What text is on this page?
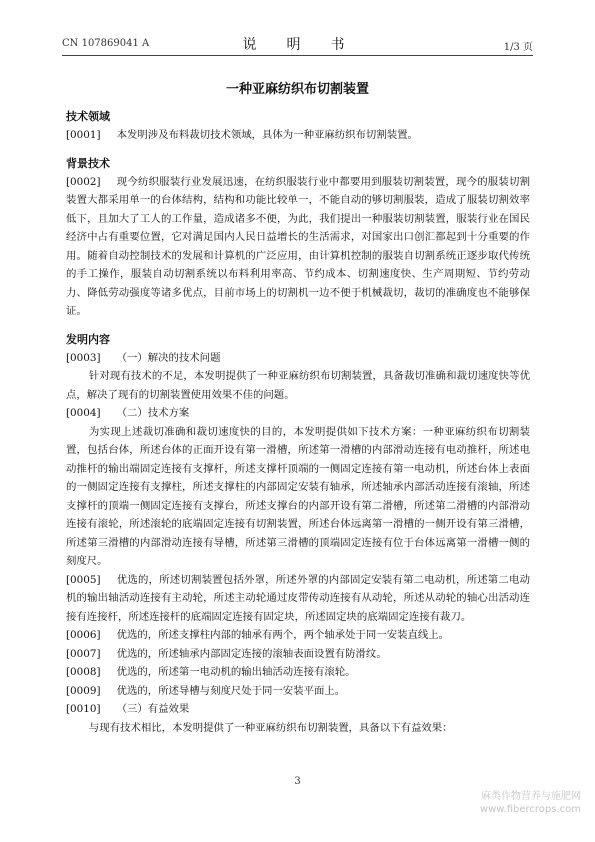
CN 107869041 A	说　明　书	1/3 页
一种亚麻纺织布切割装置
技术领域
[0001] 本发明涉及布料裁切技术领域，具体为一种亚麻纺织布切割装置。
背景技术
[0002] 现今纺织服装行业发展迅速，在纺织服装行业中都要用到服装切割装置，现今的服装切割装置大都采用单一的台体结构，结构和功能比较单一，不能自动的够切割服装，造成了服装切割效率低下，且加大了工人的工作量，造成诸多不便，为此，我们提出一种服装切割装置，服装行业在国民经济中占有重要位置，它对满足国内人民日益增长的生活需求，对国家出口创汇都起到十分重要的作用。随着自动控制技术的发展和计算机的广泛应用，由计算机控制的服装自切割系统正逐步取代传统的手工操作，服装自动切割系统以布料利用率高、节约成本、切割速度快、生产周期短、节约劳动力、降低劳动强度等诸多优点，目前市场上的切割机一边不便于机械裁切，裁切的准确度也不能够保证。
发明内容
[0003] （一）解决的技术问题
针对现有技术的不足，本发明提供了一种亚麻纺织布切割装置，具备裁切准确和裁切速度快等优点，解决了现有的切割装置使用效果不佳的问题。
[0004] （二）技术方案
为实现上述裁切准确和裁切速度快的目的，本发明提供如下技术方案：一种亚麻纺织布切割装置，包括台体，所述台体的正面开设有第一滑槽，所述第一滑槽的内部滑动连接有电动推杆，所述电动推杆的输出端固定连接有支撑杆，所述支撑杆顶端的一侧固定连接有第一电动机，所述台体上表面的一侧固定连接有支撑柱，所述支撑柱的内部固定安装有轴承，所述轴承内部活动连接有滚轴，所述支撑杆的顶端一侧固定连接有支撑台，所述支撑台的内部开设有第二滑槽，所述第二滑槽的内部滑动连接有滚轮，所述滚轮的底端固定连接有切割装置，所述台体远离第一滑槽的一侧开设有第三滑槽，所述第三滑槽的内部滑动连接有导槽，所述第三滑槽的顶端固定连接有位于台体远离第一滑槽一侧的刻度尺。
[0005] 优选的，所述切割装置包括外罩，所述外罩的内部固定安装有第二电动机，所述第二电动机的输出轴活动连接有主动轮，所述主动轮通过皮带传动连接有从动轮，所述从动轮的轴心出活动连接有连接杆，所述连接杆的底端固定连接有固定块，所述固定块的底端固定连接有裁刀。
[0006] 优选的，所述支撑柱内部的轴承有两个，两个轴承处于同一安装直线上。
[0007] 优选的，所述轴承内部固定连接的滚轴表面设置有防滑纹。
[0008] 优选的，所述第一电动机的输出轴活动连接有滚轮。
[0009] 优选的，所述导槽与刻度尺处于同一安装平面上。
[0010] （三）有益效果
与现有技术相比，本发明提供了一种亚麻纺织布切割装置，具备以下有益效果：
3
麻类作物营养与施肥网
www.fibercrops.com
